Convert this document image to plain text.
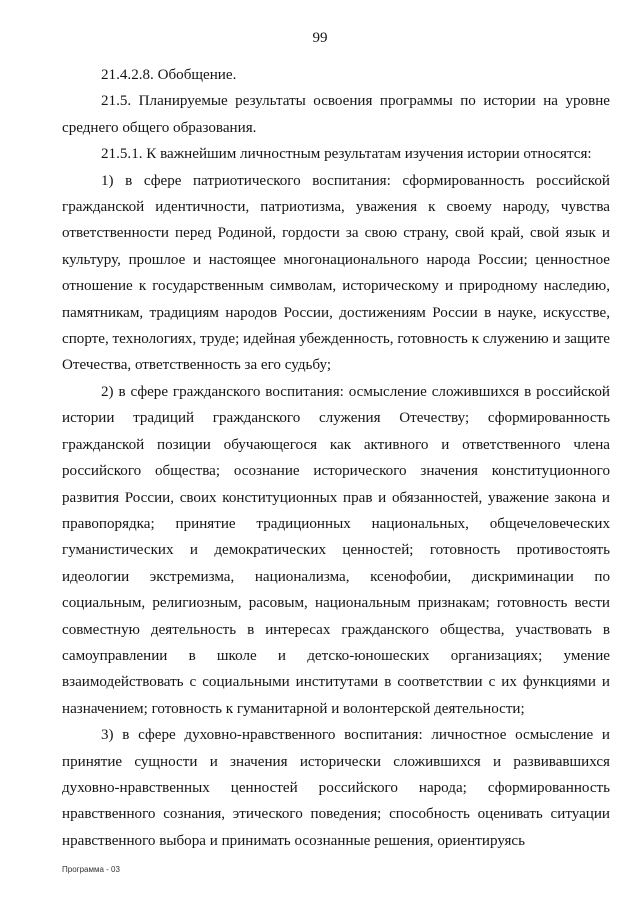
99

21.4.2.8. Обобщение.

21.5. Планируемые результаты освоения программы по истории на уровне среднего общего образования.

21.5.1. К важнейшим личностным результатам изучения истории относятся:

1) в сфере патриотического воспитания: сформированность российской гражданской идентичности, патриотизма, уважения к своему народу, чувства ответственности перед Родиной, гордости за свою страну, свой край, свой язык и культуру, прошлое и настоящее многонационального народа России; ценностное отношение к государственным символам, историческому и природному наследию, памятникам, традициям народов России, достижениям России в науке, искусстве, спорте, технологиях, труде; идейная убежденность, готовность к служению и защите Отечества, ответственность за его судьбу;

2) в сфере гражданского воспитания: осмысление сложившихся в российской истории традиций гражданского служения Отечеству; сформированность гражданской позиции обучающегося как активного и ответственного члена российского общества; осознание исторического значения конституционного развития России, своих конституционных прав и обязанностей, уважение закона и правопорядка; принятие традиционных национальных, общечеловеческих гуманистических и демократических ценностей; готовность противостоять идеологии экстремизма, национализма, ксенофобии, дискриминации по социальным, религиозным, расовым, национальным признакам; готовность вести совместную деятельность в интересах гражданского общества, участвовать в самоуправлении в школе и детско-юношеских организациях; умение взаимодействовать с социальными институтами в соответствии с их функциями и назначением; готовность к гуманитарной и волонтерской деятельности;

3) в сфере духовно-нравственного воспитания: личностное осмысление и принятие сущности и значения исторически сложившихся и развивавшихся духовно-нравственных ценностей российского народа; сформированность нравственного сознания, этического поведения; способность оценивать ситуации нравственного выбора и принимать осознанные решения, ориентируясь

Программа - 03
